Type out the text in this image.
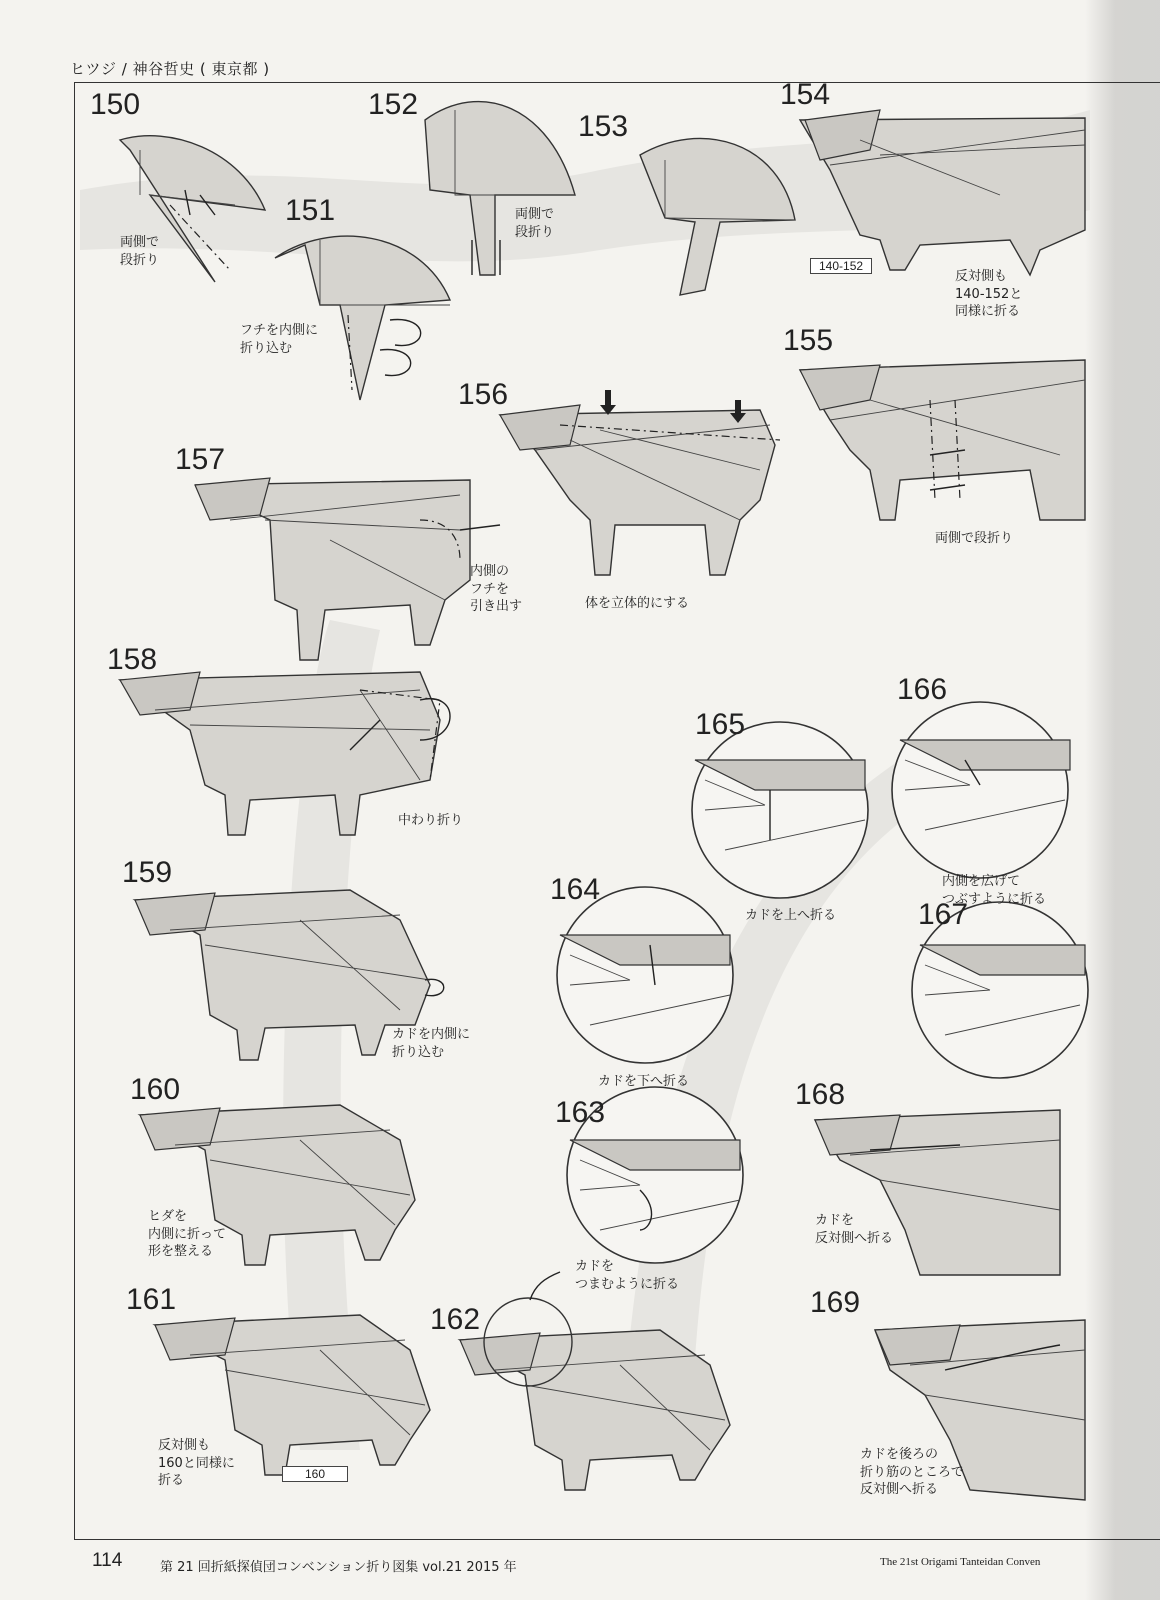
ヒツジ / 神谷哲史 ( 東京都 )
140-152
160
150
151
152
153
154
155
156
157
158
159
160
161
162
163
164
165
166
167
168
169
両側で
段折り
フチを内側に
折り込む
両側で
段折り
反対側も
140-152と
同様に折る
両側で段折り
体を立体的にする
内側の
フチを
引き出す
中わり折り
カドを内側に
折り込む
ヒダを
内側に折って
形を整える
反対側も
160と同様に
折る
カドを
つまむように折る
カドを下へ折る
カドを上へ折る
内側を広げて
つぶすように折る
カドを
反対側へ折る
カドを後ろの
折り筋のところで
反対側へ折る
114	第 21 回折紙探偵団コンベンション折り図集 vol.21 2015 年	The 21st Origami Tanteidan Conven
